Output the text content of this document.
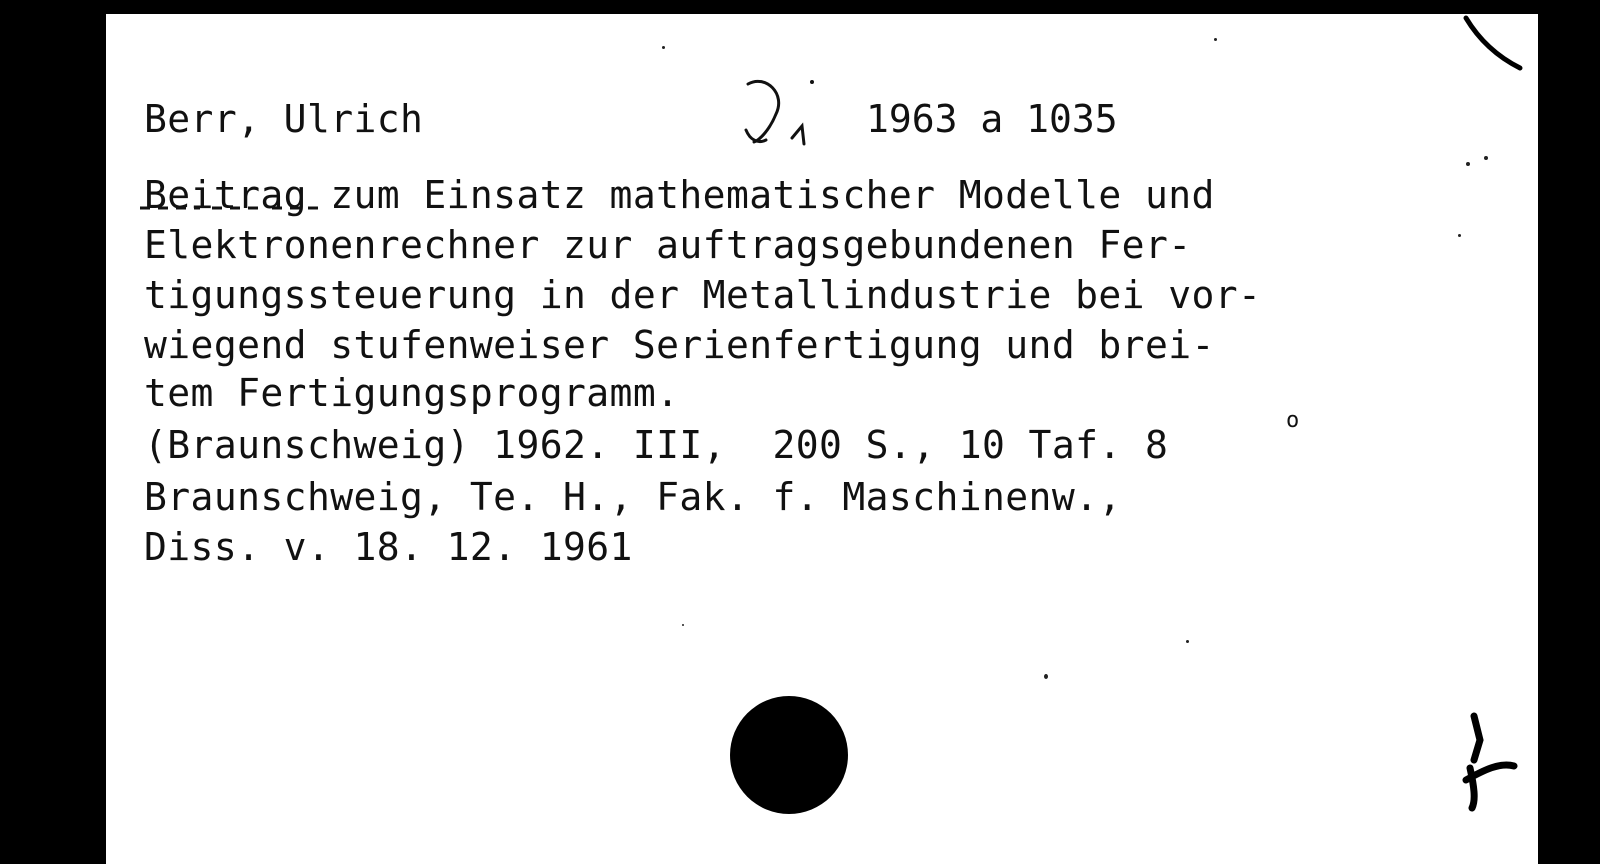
Berr, Ulrich	1963 a 1035
Beitrag zum Einsatz mathematischer Modelle und
Elektronenrechner zur auftragsgebundenen Fer-
tigungssteuerung in der Metallindustrie bei vor-
wiegend stufenweiser Serienfertigung und brei-
tem Fertigungsprogramm.
(Braunschweig) 1962. III,  200 S., 10 Taf. 8
o
Braunschweig, Te. H., Fak. f. Maschinenw.,
Diss. v. 18. 12. 1961
